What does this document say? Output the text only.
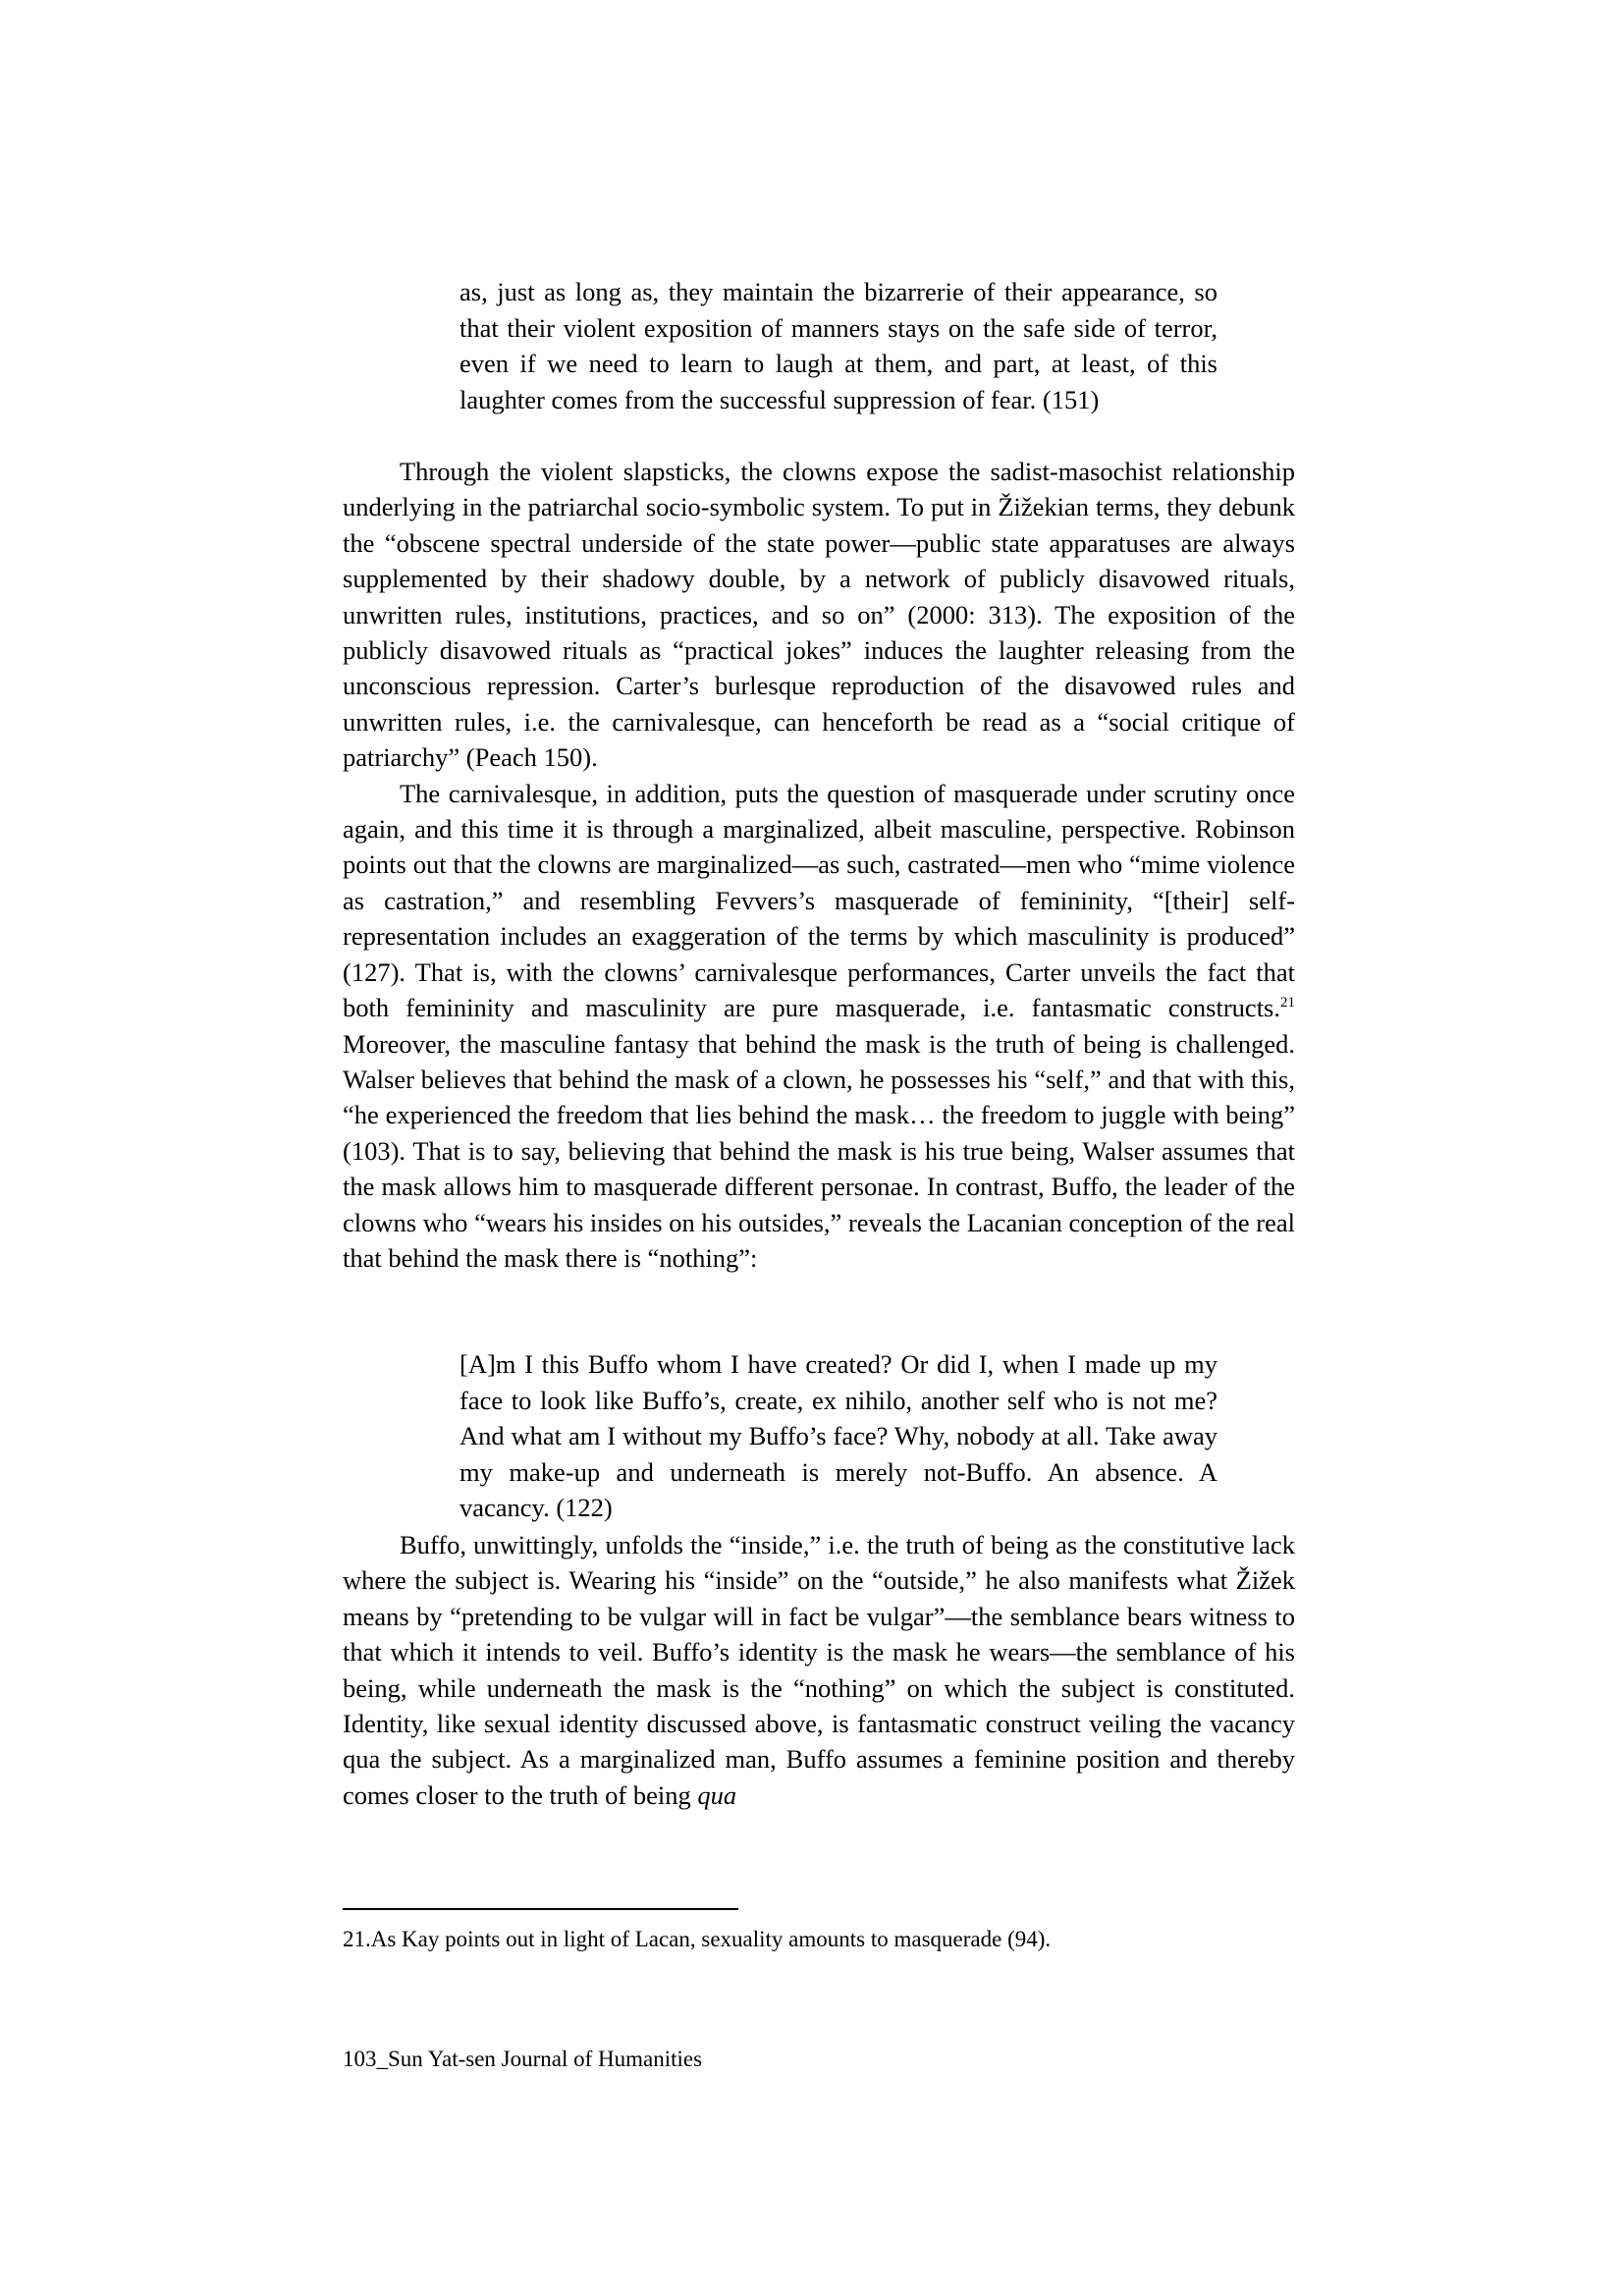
as, just as long as, they maintain the bizarrerie of their appearance, so that their violent exposition of manners stays on the safe side of terror, even if we need to learn to laugh at them, and part, at least, of this laughter comes from the successful suppression of fear. (151)

Through the violent slapsticks, the clowns expose the sadist-masochist relationship underlying in the patriarchal socio-symbolic system. To put in Žižekian terms, they debunk the “obscene spectral underside of the state power—public state apparatuses are always supplemented by their shadowy double, by a network of publicly disavowed rituals, unwritten rules, institutions, practices, and so on” (2000: 313). The exposition of the publicly disavowed rituals as “practical jokes” induces the laughter releasing from the unconscious repression. Carter’s burlesque reproduction of the disavowed rules and unwritten rules, i.e. the carnivalesque, can henceforth be read as a “social critique of patriarchy” (Peach 150).

The carnivalesque, in addition, puts the question of masquerade under scrutiny once again, and this time it is through a marginalized, albeit masculine, perspective. Robinson points out that the clowns are marginalized—as such, castrated—men who “mime violence as castration,” and resembling Fevvers’s masquerade of femininity, “[their] self-representation includes an exaggeration of the terms by which masculinity is produced” (127). That is, with the clowns’ carnivalesque performances, Carter unveils the fact that both femininity and masculinity are pure masquerade, i.e. fantasmatic constructs.$^{21}$ Moreover, the masculine fantasy that behind the mask is the truth of being is challenged. Walser believes that behind the mask of a clown, he possesses his “self,” and that with this, “he experienced the freedom that lies behind the mask… the freedom to juggle with being” (103). That is to say, believing that behind the mask is his true being, Walser assumes that the mask allows him to masquerade different personae. In contrast, Buffo, the leader of the clowns who “wears his insides on his outsides,” reveals the Lacanian conception of the real that behind the mask there is “nothing”:

[A]m I this Buffo whom I have created? Or did I, when I made up my face to look like Buffo’s, create, ex nihilo, another self who is not me? And what am I without my Buffo’s face? Why, nobody at all. Take away my make-up and underneath is merely not-Buffo. An absence. A vacancy. (122)

Buffo, unwittingly, unfolds the “inside,” i.e. the truth of being as the constitutive lack where the subject is. Wearing his “inside” on the “outside,” he also manifests what Žižek means by “pretending to be vulgar will in fact be vulgar”—the semblance bears witness to that which it intends to veil. Buffo’s identity is the mask he wears—the semblance of his being, while underneath the mask is the “nothing” on which the subject is constituted. Identity, like sexual identity discussed above, is fantasmatic construct veiling the vacancy qua the subject. As a marginalized man, Buffo assumes a feminine position and thereby comes closer to the truth of being qua

21.As Kay points out in light of Lacan, sexuality amounts to masquerade (94).
103_Sun Yat-sen Journal of Humanities
